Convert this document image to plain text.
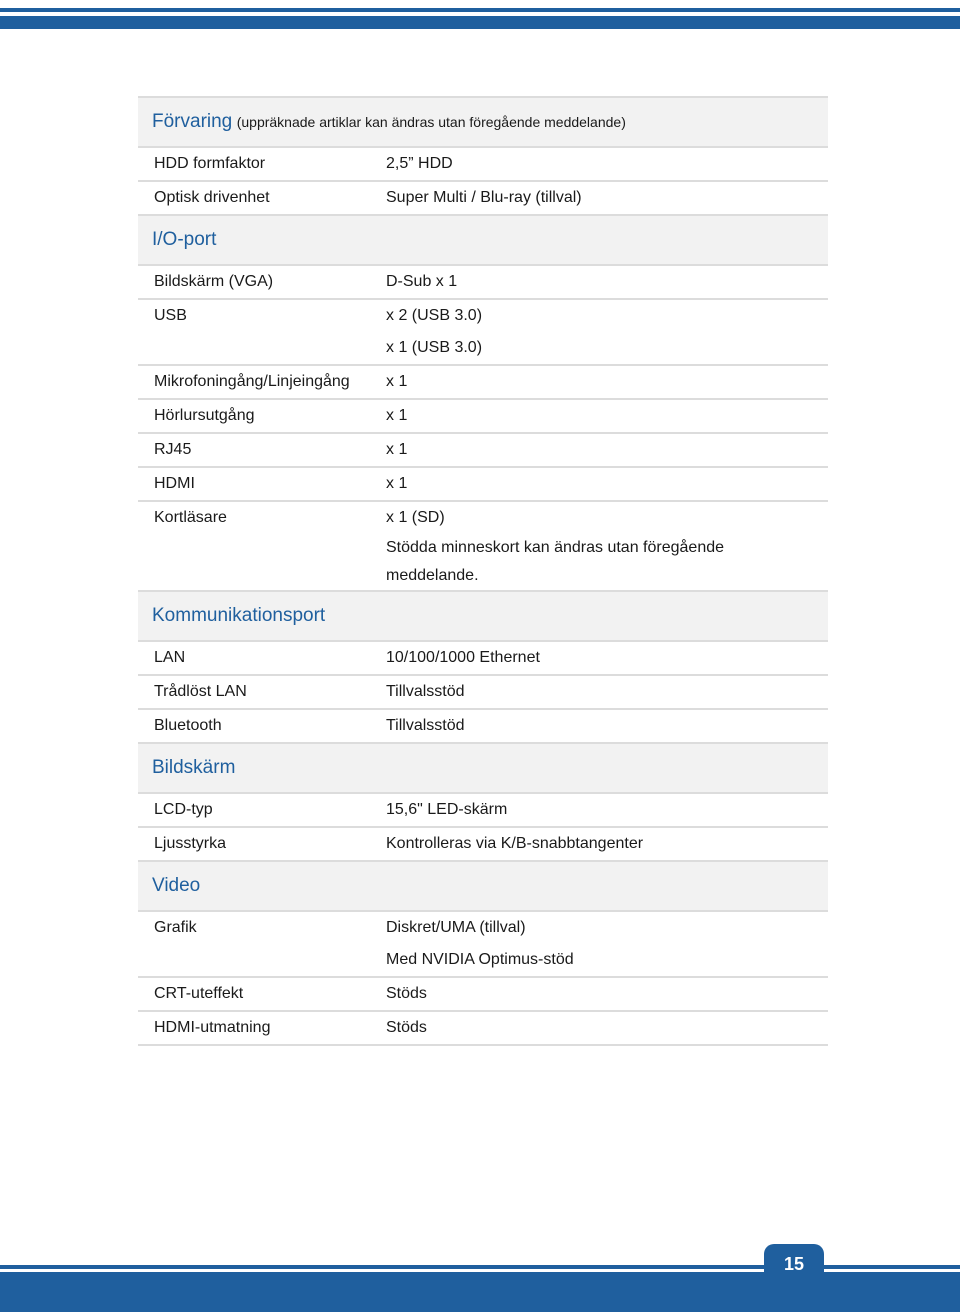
Förvaring (uppräknade artiklar kan ändras utan föregående meddelande)	

HDD formfaktor	2,5” HDD

Optisk drivenhet	Super Multi / Blu-ray (tillval)

I/O-port	

Bildskärm (VGA)	D-Sub x 1

USB	x 2 (USB 3.0)
x 1 (USB 3.0)

Mikrofoningång/Linjeingång	x 1

Hörlursutgång	x 1

RJ45	x 1

HDMI	x 1

Kortläsare	x 1 (SD)
Stödda minneskort kan ändras utan föregående
meddelande.

Kommunikationsport	

LAN	10/100/1000 Ethernet

Trådlöst LAN	Tillvalsstöd

Bluetooth	Tillvalsstöd

Bildskärm	

LCD-typ	15,6" LED-skärm

Ljusstyrka	Kontrolleras via K/B-snabbtangenter

Video	

Grafik	Diskret/UMA (tillval)
Med NVIDIA Optimus-stöd

CRT-uteffekt	Stöds

HDMI-utmatning	Stöds
15
